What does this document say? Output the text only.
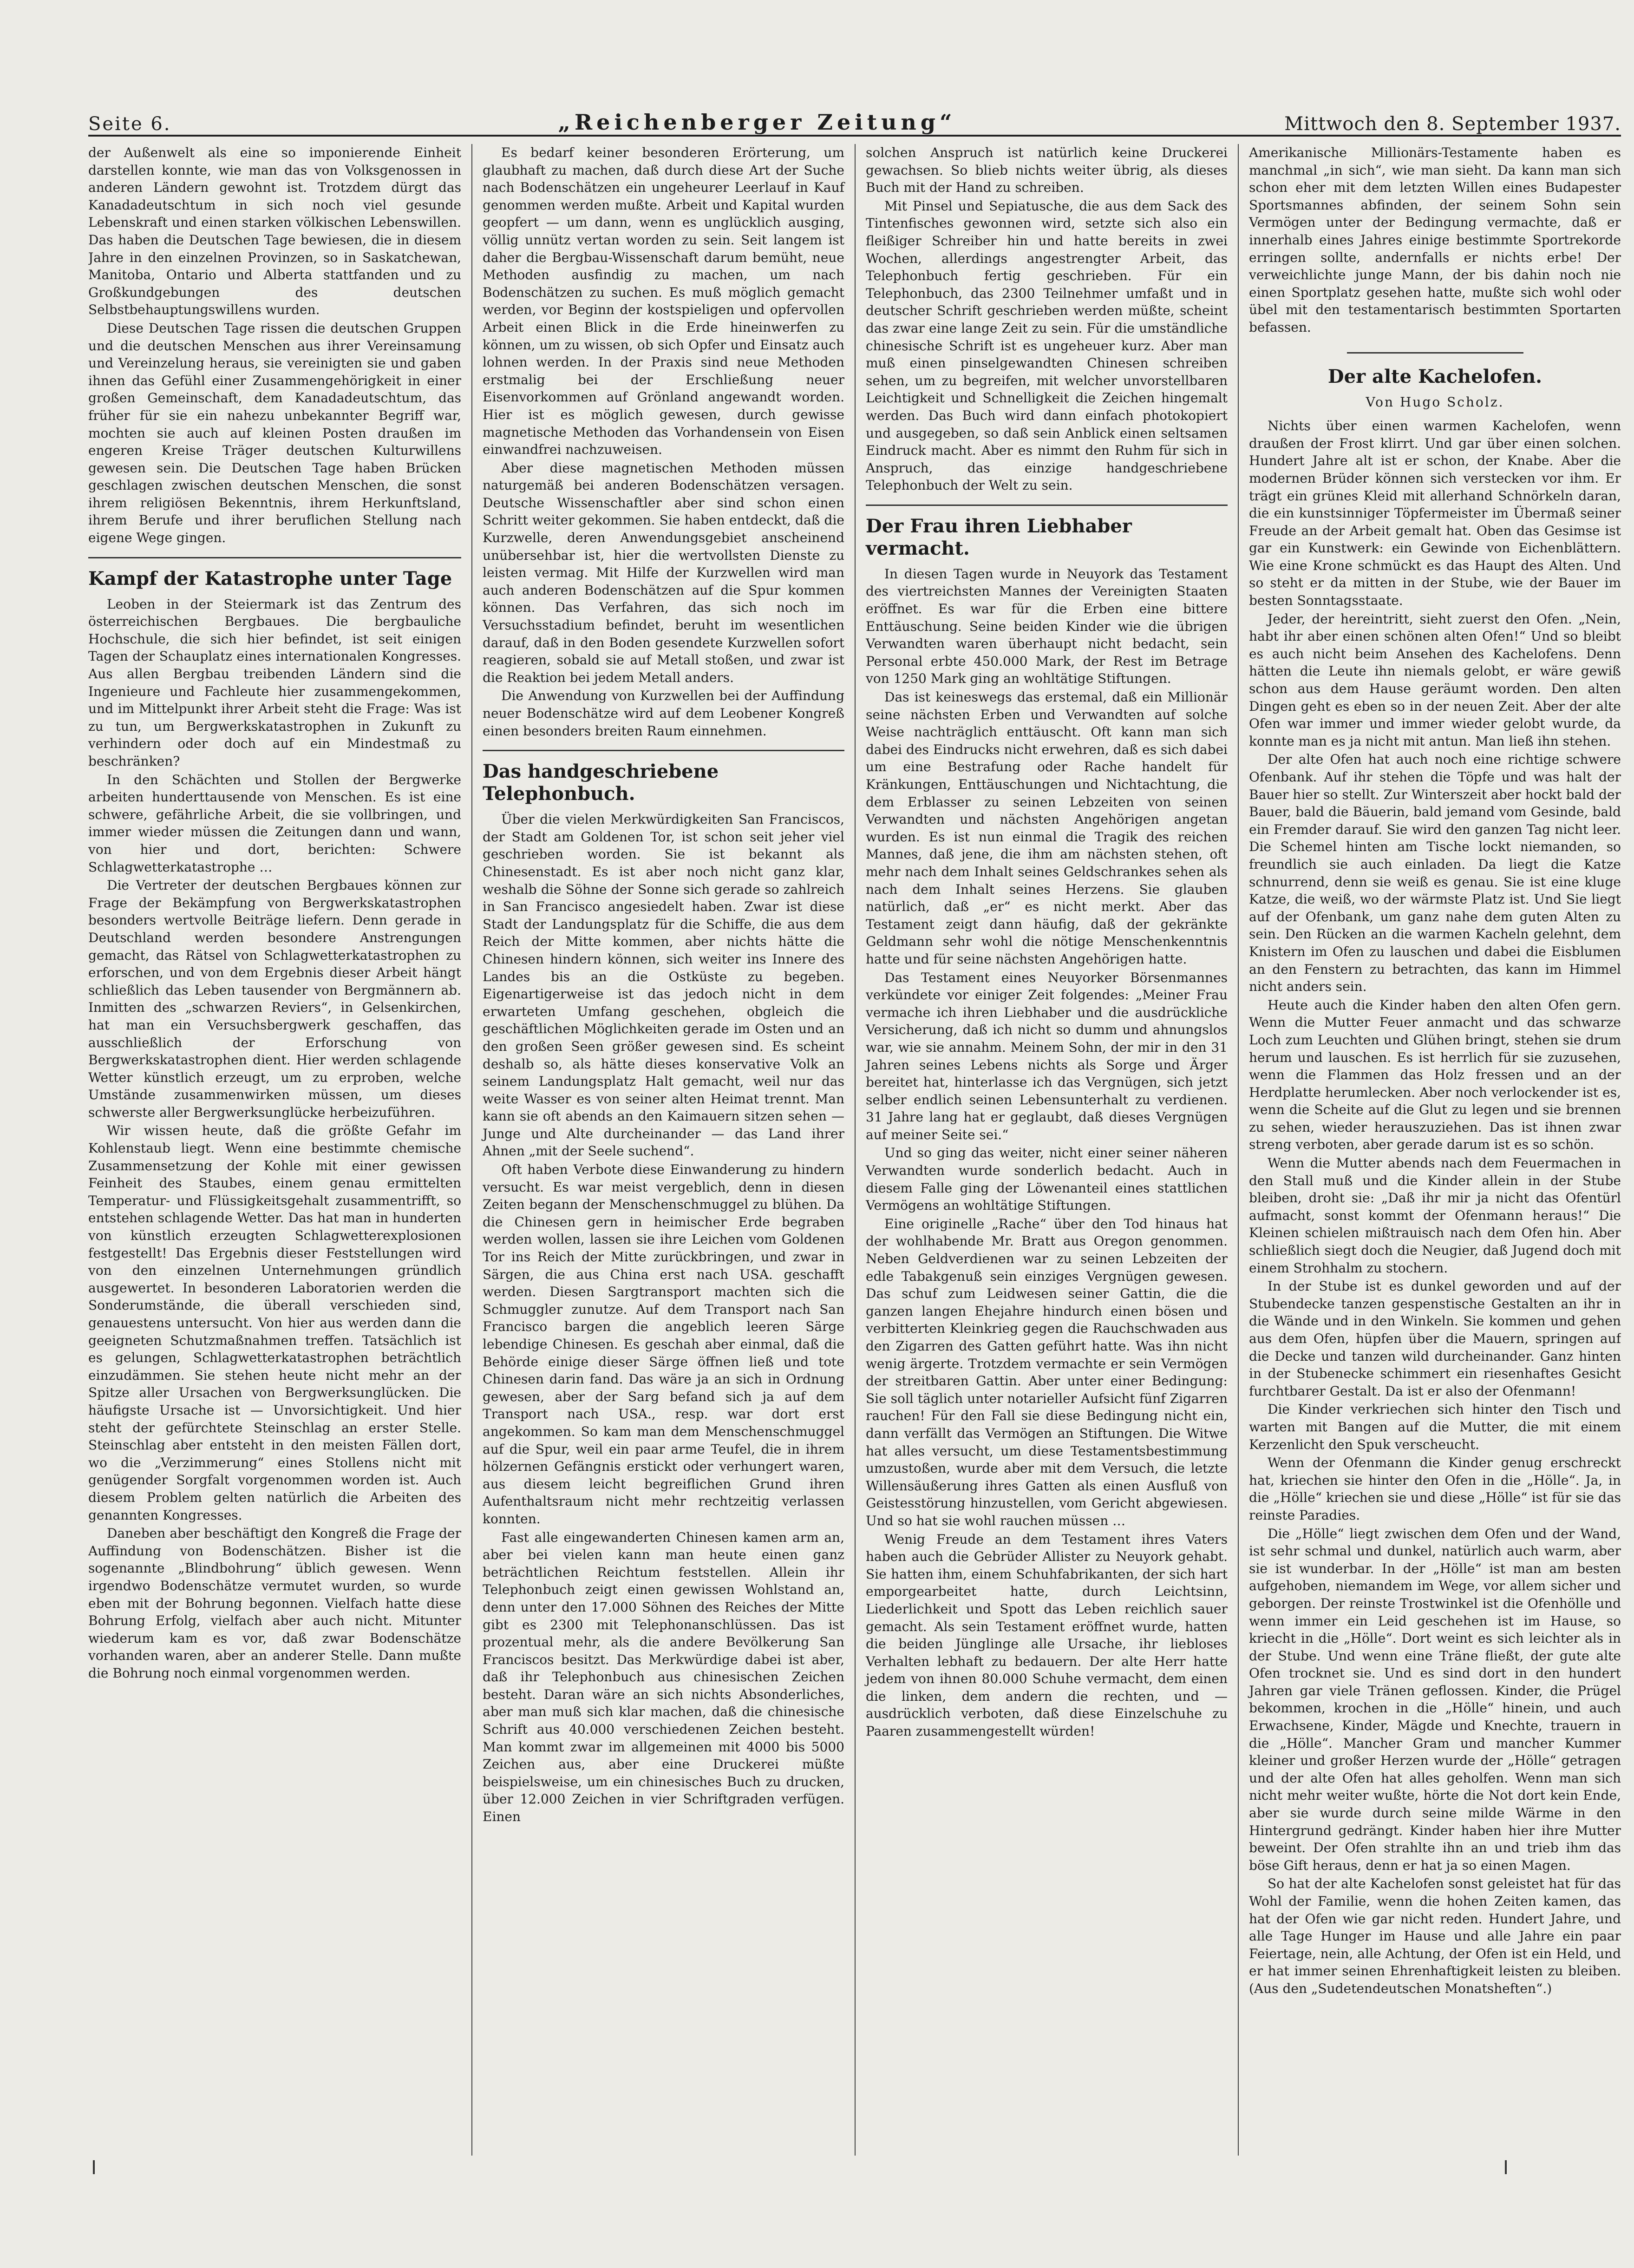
Seite 6.	„Reichenberger Zeitung“	Mittwoch den 8. September 1937.

der Außenwelt als eine so imponierende Einheit darstellen konnte, wie man das von Volksgenossen in anderen Ländern gewohnt ist. Trotzdem dürgt das Kanadadeutschtum in sich noch viel gesunde Lebenskraft und einen starken völkischen Lebenswillen. Das haben die Deutschen Tage bewiesen, die in diesem Jahre in den einzelnen Provinzen, so in Saskatchewan, Manitoba, Ontario und Alberta stattfanden und zu Großkundgebungen des deutschen Selbstbehauptungswillens wurden.

Diese Deutschen Tage rissen die deutschen Gruppen und die deutschen Menschen aus ihrer Vereinsamung und Vereinzelung heraus, sie vereinigten sie und gaben ihnen das Gefühl einer Zusammengehörigkeit in einer großen Gemeinschaft, dem Kanadadeutschtum, das früher für sie ein nahezu unbekannter Begriff war, mochten sie auch auf kleinen Posten draußen im engeren Kreise Träger deutschen Kulturwillens gewesen sein. Die Deutschen Tage haben Brücken geschlagen zwischen deutschen Menschen, die sonst ihrem religiösen Bekenntnis, ihrem Herkunftsland, ihrem Berufe und ihrer beruflichen Stellung nach eigene Wege gingen.

Kampf der Katastrophe unter Tage

Leoben in der Steiermark ist das Zentrum des österreichischen Bergbaues. Die bergbauliche Hochschule, die sich hier befindet, ist seit einigen Tagen der Schauplatz eines internationalen Kongresses. Aus allen Bergbau treibenden Ländern sind die Ingenieure und Fachleute hier zusammengekommen, und im Mittelpunkt ihrer Arbeit steht die Frage: Was ist zu tun, um Bergwerkskatastrophen in Zukunft zu verhindern oder doch auf ein Mindestmaß zu beschränken?

In den Schächten und Stollen der Bergwerke arbeiten hunderttausende von Menschen. Es ist eine schwere, gefährliche Arbeit, die sie vollbringen, und immer wieder müssen die Zeitungen dann und wann, von hier und dort, berichten: Schwere Schlagwetterkatastrophe …

Die Vertreter der deutschen Bergbaues können zur Frage der Bekämpfung von Bergwerkskatastrophen besonders wertvolle Beiträge liefern. Denn gerade in Deutschland werden besondere Anstrengungen gemacht, das Rätsel von Schlagwetterkatastrophen zu erforschen, und von dem Ergebnis dieser Arbeit hängt schließlich das Leben tausender von Bergmännern ab. Inmitten des „schwarzen Reviers“, in Gelsenkirchen, hat man ein Versuchsbergwerk geschaffen, das ausschließlich der Erforschung von Bergwerkskatastrophen dient. Hier werden schlagende Wetter künstlich erzeugt, um zu erproben, welche Umstände zusammenwirken müssen, um dieses schwerste aller Bergwerksunglücke herbeizuführen.

Wir wissen heute, daß die größte Gefahr im Kohlenstaub liegt. Wenn eine bestimmte chemische Zusammensetzung der Kohle mit einer gewissen Feinheit des Staubes, einem genau ermittelten Temperatur- und Flüssigkeitsgehalt zusammentrifft, so entstehen schlagende Wetter. Das hat man in hunderten von künstlich erzeugten Schlagwetterexplosionen festgestellt! Das Ergebnis dieser Feststellungen wird von den einzelnen Unternehmungen gründlich ausgewertet. In besonderen Laboratorien werden die Sonderumstände, die überall verschieden sind, genauestens untersucht. Von hier aus werden dann die geeigneten Schutzmaßnahmen treffen. Tatsächlich ist es gelungen, Schlagwetterkatastrophen beträchtlich einzudämmen. Sie stehen heute nicht mehr an der Spitze aller Ursachen von Bergwerksunglücken. Die häufigste Ursache ist — Unvorsichtigkeit. Und hier steht der gefürchtete Steinschlag an erster Stelle. Steinschlag aber entsteht in den meisten Fällen dort, wo die „Verzimmerung“ eines Stollens nicht mit genügender Sorgfalt vorgenommen worden ist. Auch diesem Problem gelten natürlich die Arbeiten des genannten Kongresses.

Daneben aber beschäftigt den Kongreß die Frage der Auffindung von Bodenschätzen. Bisher ist die sogenannte „Blindbohrung“ üblich gewesen. Wenn irgendwo Bodenschätze vermutet wurden, so wurde eben mit der Bohrung begonnen. Vielfach hatte diese Bohrung Erfolg, vielfach aber auch nicht. Mitunter wiederum kam es vor, daß zwar Bodenschätze vorhanden waren, aber an anderer Stelle. Dann mußte die Bohrung noch einmal vorgenommen werden.

Es bedarf keiner besonderen Erörterung, um glaubhaft zu machen, daß durch diese Art der Suche nach Bodenschätzen ein ungeheurer Leerlauf in Kauf genommen werden mußte. Arbeit und Kapital wurden geopfert — um dann, wenn es unglücklich ausging, völlig unnütz vertan worden zu sein. Seit langem ist daher die Bergbau-Wissenschaft darum bemüht, neue Methoden ausfindig zu machen, um nach Bodenschätzen zu suchen. Es muß möglich gemacht werden, vor Beginn der kostspieligen und opfervollen Arbeit einen Blick in die Erde hineinwerfen zu können, um zu wissen, ob sich Opfer und Einsatz auch lohnen werden. In der Praxis sind neue Methoden erstmalig bei der Erschließung neuer Eisenvorkommen auf Grönland angewandt worden. Hier ist es möglich gewesen, durch gewisse magnetische Methoden das Vorhandensein von Eisen einwandfrei nachzuweisen.

Aber diese magnetischen Methoden müssen naturgemäß bei anderen Bodenschätzen versagen. Deutsche Wissenschaftler aber sind schon einen Schritt weiter gekommen. Sie haben entdeckt, daß die Kurzwelle, deren Anwendungsgebiet anscheinend unübersehbar ist, hier die wertvollsten Dienste zu leisten vermag. Mit Hilfe der Kurzwellen wird man auch anderen Bodenschätzen auf die Spur kommen können. Das Verfahren, das sich noch im Versuchsstadium befindet, beruht im wesentlichen darauf, daß in den Boden gesendete Kurzwellen sofort reagieren, sobald sie auf Metall stoßen, und zwar ist die Reaktion bei jedem Metall anders.

Die Anwendung von Kurzwellen bei der Auffindung neuer Bodenschätze wird auf dem Leobener Kongreß einen besonders breiten Raum einnehmen.

Das handgeschriebene Telephonbuch.

Über die vielen Merkwürdigkeiten San Franciscos, der Stadt am Goldenen Tor, ist schon seit jeher viel geschrieben worden. Sie ist bekannt als Chinesenstadt. Es ist aber noch nicht ganz klar, weshalb die Söhne der Sonne sich gerade so zahlreich in San Francisco angesiedelt haben. Zwar ist diese Stadt der Landungsplatz für die Schiffe, die aus dem Reich der Mitte kommen, aber nichts hätte die Chinesen hindern können, sich weiter ins Innere des Landes bis an die Ostküste zu begeben. Eigenartigerweise ist das jedoch nicht in dem erwarteten Umfang geschehen, obgleich die geschäftlichen Möglichkeiten gerade im Osten und an den großen Seen größer gewesen sind. Es scheint deshalb so, als hätte dieses konservative Volk an seinem Landungsplatz Halt gemacht, weil nur das weite Wasser es von seiner alten Heimat trennt. Man kann sie oft abends an den Kaimauern sitzen sehen — Junge und Alte durcheinander — das Land ihrer Ahnen „mit der Seele suchend“.

Oft haben Verbote diese Einwanderung zu hindern versucht. Es war meist vergeblich, denn in diesen Zeiten begann der Menschenschmuggel zu blühen. Da die Chinesen gern in heimischer Erde begraben werden wollen, lassen sie ihre Leichen vom Goldenen Tor ins Reich der Mitte zurückbringen, und zwar in Särgen, die aus China erst nach USA. geschafft werden. Diesen Sargtransport machten sich die Schmuggler zunutze. Auf dem Transport nach San Francisco bargen die angeblich leeren Särge lebendige Chinesen. Es geschah aber einmal, daß die Behörde einige dieser Särge öffnen ließ und tote Chinesen darin fand. Das wäre ja an sich in Ordnung gewesen, aber der Sarg befand sich ja auf dem Transport nach USA., resp. war dort erst angekommen. So kam man dem Menschenschmuggel auf die Spur, weil ein paar arme Teufel, die in ihrem hölzernen Gefängnis erstickt oder verhungert waren, aus diesem leicht begreiflichen Grund ihren Aufenthaltsraum nicht mehr rechtzeitig verlassen konnten.

Fast alle eingewanderten Chinesen kamen arm an, aber bei vielen kann man heute einen ganz beträchtlichen Reichtum feststellen. Allein ihr Telephonbuch zeigt einen gewissen Wohlstand an, denn unter den 17.000 Söhnen des Reiches der Mitte gibt es 2300 mit Telephonanschlüssen. Das ist prozentual mehr, als die andere Bevölkerung San Franciscos besitzt. Das Merkwürdige dabei ist aber, daß ihr Telephonbuch aus chinesischen Zeichen besteht. Daran wäre an sich nichts Absonderliches, aber man muß sich klar machen, daß die chinesische Schrift aus 40.000 verschiedenen Zeichen besteht. Man kommt zwar im allgemeinen mit 4000 bis 5000 Zeichen aus, aber eine Druckerei müßte beispielsweise, um ein chinesisches Buch zu drucken, über 12.000 Zeichen in vier Schriftgraden verfügen. Einen

solchen Anspruch ist natürlich keine Druckerei gewachsen. So blieb nichts weiter übrig, als dieses Buch mit der Hand zu schreiben.

Mit Pinsel und Sepiatusche, die aus dem Sack des Tintenfisches gewonnen wird, setzte sich also ein fleißiger Schreiber hin und hatte bereits in zwei Wochen, allerdings angestrengter Arbeit, das Telephonbuch fertig geschrieben. Für ein Telephonbuch, das 2300 Teilnehmer umfaßt und in deutscher Schrift geschrieben werden müßte, scheint das zwar eine lange Zeit zu sein. Für die umständliche chinesische Schrift ist es ungeheuer kurz. Aber man muß einen pinselgewandten Chinesen schreiben sehen, um zu begreifen, mit welcher unvorstellbaren Leichtigkeit und Schnelligkeit die Zeichen hingemalt werden. Das Buch wird dann einfach photokopiert und ausgegeben, so daß sein Anblick einen seltsamen Eindruck macht. Aber es nimmt den Ruhm für sich in Anspruch, das einzige handgeschriebene Telephonbuch der Welt zu sein.

Der Frau ihren Liebhaber vermacht.

In diesen Tagen wurde in Neuyork das Testament des viertreichsten Mannes der Vereinigten Staaten eröffnet. Es war für die Erben eine bittere Enttäuschung. Seine beiden Kinder wie die übrigen Verwandten waren überhaupt nicht bedacht, sein Personal erbte 450.000 Mark, der Rest im Betrage von 1250 Mark ging an wohltätige Stiftungen.

Das ist keineswegs das erstemal, daß ein Millionär seine nächsten Erben und Verwandten auf solche Weise nachträglich enttäuscht. Oft kann man sich dabei des Eindrucks nicht erwehren, daß es sich dabei um eine Bestrafung oder Rache handelt für Kränkungen, Enttäuschungen und Nichtachtung, die dem Erblasser zu seinen Lebzeiten von seinen Verwandten und nächsten Angehörigen angetan wurden. Es ist nun einmal die Tragik des reichen Mannes, daß jene, die ihm am nächsten stehen, oft mehr nach dem Inhalt seines Geldschrankes sehen als nach dem Inhalt seines Herzens. Sie glauben natürlich, daß „er“ es nicht merkt. Aber das Testament zeigt dann häufig, daß der gekränkte Geldmann sehr wohl die nötige Menschenkenntnis hatte und für seine nächsten Angehörigen hatte.

Das Testament eines Neuyorker Börsenmannes verkündete vor einiger Zeit folgendes: „Meiner Frau vermache ich ihren Liebhaber und die ausdrückliche Versicherung, daß ich nicht so dumm und ahnungslos war, wie sie annahm. Meinem Sohn, der mir in den 31 Jahren seines Lebens nichts als Sorge und Ärger bereitet hat, hinterlasse ich das Vergnügen, sich jetzt selber endlich seinen Lebensunterhalt zu verdienen. 31 Jahre lang hat er geglaubt, daß dieses Vergnügen auf meiner Seite sei.“

Und so ging das weiter, nicht einer seiner näheren Verwandten wurde sonderlich bedacht. Auch in diesem Falle ging der Löwenanteil eines stattlichen Vermögens an wohltätige Stiftungen.

Eine originelle „Rache“ über den Tod hinaus hat der wohlhabende Mr. Bratt aus Oregon genommen. Neben Geldverdienen war zu seinen Lebzeiten der edle Tabakgenuß sein einziges Vergnügen gewesen. Das schuf zum Leidwesen seiner Gattin, die die ganzen langen Ehejahre hindurch einen bösen und verbitterten Kleinkrieg gegen die Rauchschwaden aus den Zigarren des Gatten geführt hatte. Was ihn nicht wenig ärgerte. Trotzdem vermachte er sein Vermögen der streitbaren Gattin. Aber unter einer Bedingung: Sie soll täglich unter notarieller Aufsicht fünf Zigarren rauchen! Für den Fall sie diese Bedingung nicht ein, dann verfällt das Vermögen an Stiftungen. Die Witwe hat alles versucht, um diese Testamentsbestimmung umzustoßen, wurde aber mit dem Versuch, die letzte Willensäußerung ihres Gatten als einen Ausfluß von Geistesstörung hinzustellen, vom Gericht abgewiesen. Und so hat sie wohl rauchen müssen …

Wenig Freude an dem Testament ihres Vaters haben auch die Gebrüder Allister zu Neuyork gehabt. Sie hatten ihm, einem Schuhfabrikanten, der sich hart emporgearbeitet hatte, durch Leichtsinn, Liederlichkeit und Spott das Leben reichlich sauer gemacht. Als sein Testament eröffnet wurde, hatten die beiden Jünglinge alle Ursache, ihr liebloses Verhalten lebhaft zu bedauern. Der alte Herr hatte jedem von ihnen 80.000 Schuhe vermacht, dem einen die linken, dem andern die rechten, und — ausdrücklich verboten, daß diese Einzelschuhe zu Paaren zusammengestellt würden!

Amerikanische Millionärs-Testamente haben es manchmal „in sich“, wie man sieht. Da kann man sich schon eher mit dem letzten Willen eines Budapester Sportsmannes abfinden, der seinem Sohn sein Vermögen unter der Bedingung vermachte, daß er innerhalb eines Jahres einige bestimmte Sportrekorde erringen sollte, andernfalls er nichts erbe! Der verweichlichte junge Mann, der bis dahin noch nie einen Sportplatz gesehen hatte, mußte sich wohl oder übel mit den testamentarisch bestimmten Sportarten befassen.

Der alte Kachelofen.
Von Hugo Scholz.

Nichts über einen warmen Kachelofen, wenn draußen der Frost klirrt. Und gar über einen solchen. Hundert Jahre alt ist er schon, der Knabe. Aber die modernen Brüder können sich verstecken vor ihm. Er trägt ein grünes Kleid mit allerhand Schnörkeln daran, die ein kunstsinniger Töpfermeister im Übermaß seiner Freude an der Arbeit gemalt hat. Oben das Gesimse ist gar ein Kunstwerk: ein Gewinde von Eichenblättern. Wie eine Krone schmückt es das Haupt des Alten. Und so steht er da mitten in der Stube, wie der Bauer im besten Sonntagsstaate.

Jeder, der hereintritt, sieht zuerst den Ofen. „Nein, habt ihr aber einen schönen alten Ofen!“ Und so bleibt es auch nicht beim Ansehen des Kachelofens. Denn hätten die Leute ihn niemals gelobt, er wäre gewiß schon aus dem Hause geräumt worden. Den alten Dingen geht es eben so in der neuen Zeit. Aber der alte Ofen war immer und immer wieder gelobt wurde, da konnte man es ja nicht mit antun. Man ließ ihn stehen.

Der alte Ofen hat auch noch eine richtige schwere Ofenbank. Auf ihr stehen die Töpfe und was halt der Bauer hier so stellt. Zur Winterszeit aber hockt bald der Bauer, bald die Bäuerin, bald jemand vom Gesinde, bald ein Fremder darauf. Sie wird den ganzen Tag nicht leer. Die Schemel hinten am Tische lockt niemanden, so freundlich sie auch einladen. Da liegt die Katze schnurrend, denn sie weiß es genau. Sie ist eine kluge Katze, die weiß, wo der wärmste Platz ist. Und Sie liegt auf der Ofenbank, um ganz nahe dem guten Alten zu sein. Den Rücken an die warmen Kacheln gelehnt, dem Knistern im Ofen zu lauschen und dabei die Eisblumen an den Fenstern zu betrachten, das kann im Himmel nicht anders sein.

Heute auch die Kinder haben den alten Ofen gern. Wenn die Mutter Feuer anmacht und das schwarze Loch zum Leuchten und Glühen bringt, stehen sie drum herum und lauschen. Es ist herrlich für sie zuzusehen, wenn die Flammen das Holz fressen und an der Herdplatte herumlecken. Aber noch verlockender ist es, wenn die Scheite auf die Glut zu legen und sie brennen zu sehen, wieder herauszuziehen. Das ist ihnen zwar streng verboten, aber gerade darum ist es so schön.

Wenn die Mutter abends nach dem Feuermachen in den Stall muß und die Kinder allein in der Stube bleiben, droht sie: „Daß ihr mir ja nicht das Ofentürl aufmacht, sonst kommt der Ofenmann heraus!“ Die Kleinen schielen mißtrauisch nach dem Ofen hin. Aber schließlich siegt doch die Neugier, daß Jugend doch mit einem Strohhalm zu stochern.

In der Stube ist es dunkel geworden und auf der Stubendecke tanzen gespenstische Gestalten an ihr in die Wände und in den Winkeln. Sie kommen und gehen aus dem Ofen, hüpfen über die Mauern, springen auf die Decke und tanzen wild durcheinander. Ganz hinten in der Stubenecke schimmert ein riesenhaftes Gesicht furchtbarer Gestalt. Da ist er also der Ofenmann!

Die Kinder verkriechen sich hinter den Tisch und warten mit Bangen auf die Mutter, die mit einem Kerzenlicht den Spuk verscheucht.

Wenn der Ofenmann die Kinder genug erschreckt hat, kriechen sie hinter den Ofen in die „Hölle“. Ja, in die „Hölle“ kriechen sie und diese „Hölle“ ist für sie das reinste Paradies.

Die „Hölle“ liegt zwischen dem Ofen und der Wand, ist sehr schmal und dunkel, natürlich auch warm, aber sie ist wunderbar. In der „Hölle“ ist man am besten aufgehoben, niemandem im Wege, vor allem sicher und geborgen. Der reinste Trostwinkel ist die Ofenhölle und wenn immer ein Leid geschehen ist im Hause, so kriecht in die „Hölle“. Dort weint es sich leichter als in der Stube. Und wenn eine Träne fließt, der gute alte Ofen trocknet sie. Und es sind dort in den hundert Jahren gar viele Tränen geflossen. Kinder, die Prügel bekommen, krochen in die „Hölle“ hinein, und auch Erwachsene, Kinder, Mägde und Knechte, trauern in die „Hölle“. Mancher Gram und mancher Kummer kleiner und großer Herzen wurde der „Hölle“ getragen und der alte Ofen hat alles geholfen. Wenn man sich nicht mehr weiter wußte, hörte die Not dort kein Ende, aber sie wurde durch seine milde Wärme in den Hintergrund gedrängt. Kinder haben hier ihre Mutter beweint. Der Ofen strahlte ihn an und trieb ihm das böse Gift heraus, denn er hat ja so einen Magen.

So hat der alte Kachelofen sonst geleistet hat für das Wohl der Familie, wenn die hohen Zeiten kamen, das hat der Ofen wie gar nicht reden. Hundert Jahre, und alle Tage Hunger im Hause und alle Jahre ein paar Feiertage, nein, alle Achtung, der Ofen ist ein Held, und er hat immer seinen Ehrenhaftigkeit leisten zu bleiben. (Aus den „Sudetendeutschen Monatsheften“.)
